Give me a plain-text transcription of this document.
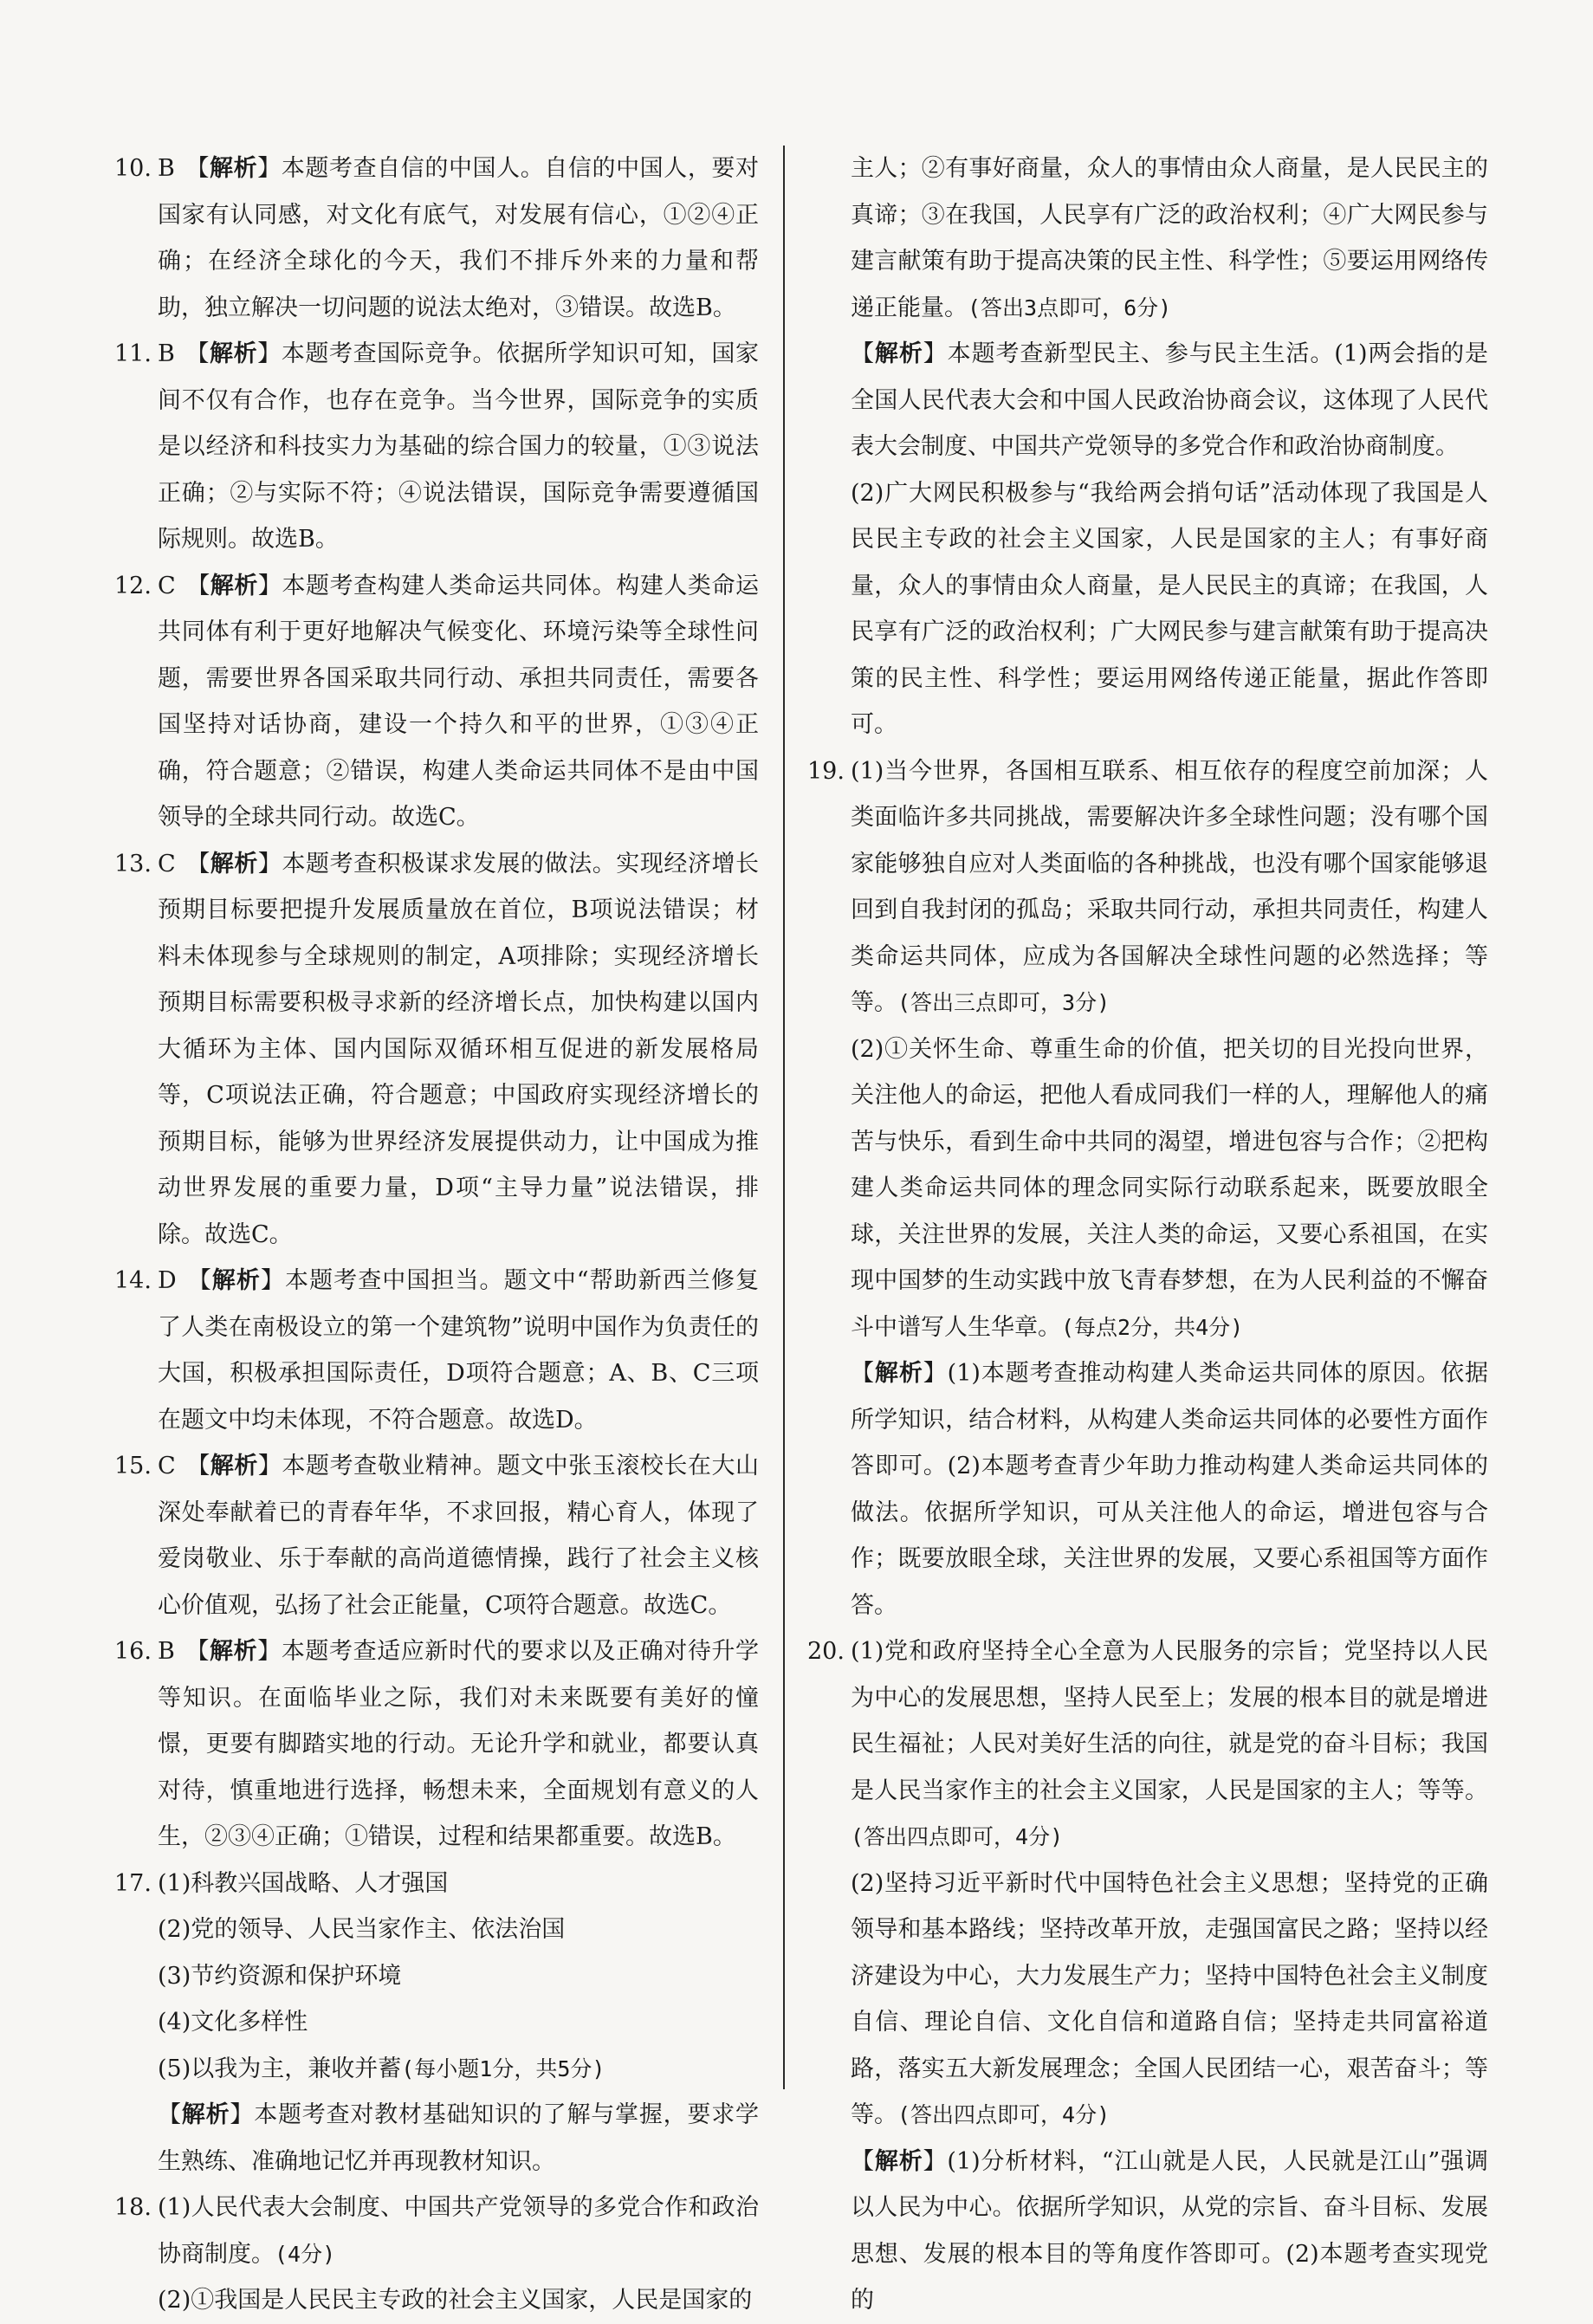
10. B 【解析】本题考查自信的中国人。自信的中国人，要对国家有认同感，对文化有底气，对发展有信心，①②④正确；在经济全球化的今天，我们不排斥外来的力量和帮助，独立解决一切问题的说法太绝对，③错误。故选B。
11. B 【解析】本题考查国际竞争。依据所学知识可知，国家间不仅有合作，也存在竞争。当今世界，国际竞争的实质是以经济和科技实力为基础的综合国力的较量，①③说法正确；②与实际不符；④说法错误，国际竞争需要遵循国际规则。故选B。
12. C 【解析】本题考查构建人类命运共同体。构建人类命运共同体有利于更好地解决气候变化、环境污染等全球性问题，需要世界各国采取共同行动、承担共同责任，需要各国坚持对话协商，建设一个持久和平的世界，①③④正确，符合题意；②错误，构建人类命运共同体不是由中国领导的全球共同行动。故选C。
13. C 【解析】本题考查积极谋求发展的做法。实现经济增长预期目标要把提升发展质量放在首位，B项说法错误；材料未体现参与全球规则的制定，A项排除；实现经济增长预期目标需要积极寻求新的经济增长点，加快构建以国内大循环为主体、国内国际双循环相互促进的新发展格局等，C项说法正确，符合题意；中国政府实现经济增长的预期目标，能够为世界经济发展提供动力，让中国成为推动世界发展的重要力量，D项“主导力量”说法错误，排除。故选C。
14. D 【解析】本题考查中国担当。题文中“帮助新西兰修复了人类在南极设立的第一个建筑物”说明中国作为负责任的大国，积极承担国际责任，D项符合题意；A、B、C三项在题文中均未体现，不符合题意。故选D。
15. C 【解析】本题考查敬业精神。题文中张玉滚校长在大山深处奉献着已的青春年华，不求回报，精心育人，体现了爱岗敬业、乐于奉献的高尚道德情操，践行了社会主义核心价值观，弘扬了社会正能量，C项符合题意。故选C。
16. B 【解析】本题考查适应新时代的要求以及正确对待升学等知识。在面临毕业之际，我们对未来既要有美好的憧憬，更要有脚踏实地的行动。无论升学和就业，都要认真对待，慎重地进行选择，畅想未来，全面规划有意义的人生，②③④正确；①错误，过程和结果都重要。故选B。
17. (1)科教兴国战略、人才强国
(2)党的领导、人民当家作主、依法治国
(3)节约资源和保护环境
(4)文化多样性
(5)以我为主，兼收并蓄(每小题1分，共5分)
【解析】本题考查对教材基础知识的了解与掌握，要求学生熟练、准确地记忆并再现教材知识。
18. (1)人民代表大会制度、中国共产党领导的多党合作和政治协商制度。(4分)
(2)①我国是人民民主专政的社会主义国家，人民是国家的
主人；②有事好商量，众人的事情由众人商量，是人民民主的真谛；③在我国，人民享有广泛的政治权利；④广大网民参与建言献策有助于提高决策的民主性、科学性；⑤要运用网络传递正能量。(答出3点即可，6分)
【解析】本题考查新型民主、参与民主生活。(1)两会指的是全国人民代表大会和中国人民政治协商会议，这体现了人民代表大会制度、中国共产党领导的多党合作和政治协商制度。
(2)广大网民积极参与“我给两会捎句话”活动体现了我国是人民民主专政的社会主义国家，人民是国家的主人；有事好商量，众人的事情由众人商量，是人民民主的真谛；在我国，人民享有广泛的政治权利；广大网民参与建言献策有助于提高决策的民主性、科学性；要运用网络传递正能量，据此作答即可。
19. (1)当今世界，各国相互联系、相互依存的程度空前加深；人类面临许多共同挑战，需要解决许多全球性问题；没有哪个国家能够独自应对人类面临的各种挑战，也没有哪个国家能够退回到自我封闭的孤岛；采取共同行动，承担共同责任，构建人类命运共同体，应成为各国解决全球性问题的必然选择；等等。(答出三点即可，3分)
(2)①关怀生命、尊重生命的价值，把关切的目光投向世界，关注他人的命运，把他人看成同我们一样的人，理解他人的痛苦与快乐，看到生命中共同的渴望，增进包容与合作；②把构建人类命运共同体的理念同实际行动联系起来，既要放眼全球，关注世界的发展，关注人类的命运，又要心系祖国，在实现中国梦的生动实践中放飞青春梦想，在为人民利益的不懈奋斗中谱写人生华章。(每点2分，共4分)
【解析】(1)本题考查推动构建人类命运共同体的原因。依据所学知识，结合材料，从构建人类命运共同体的必要性方面作答即可。(2)本题考查青少年助力推动构建人类命运共同体的做法。依据所学知识，可从关注他人的命运，增进包容与合作；既要放眼全球，关注世界的发展，又要心系祖国等方面作答。
20. (1)党和政府坚持全心全意为人民服务的宗旨；党坚持以人民为中心的发展思想，坚持人民至上；发展的根本目的就是增进民生福祉；人民对美好生活的向往，就是党的奋斗目标；我国是人民当家作主的社会主义国家，人民是国家的主人；等等。(答出四点即可，4分)
(2)坚持习近平新时代中国特色社会主义思想；坚持党的正确领导和基本路线；坚持改革开放，走强国富民之路；坚持以经济建设为中心，大力发展生产力；坚持中国特色社会主义制度自信、理论自信、文化自信和道路自信；坚持走共同富裕道路，落实五大新发展理念；全国人民团结一心，艰苦奋斗；等等。(答出四点即可，4分)
【解析】(1)分析材料，“江山就是人民，人民就是江山”强调以人民为中心。依据所学知识，从党的宗旨、奋斗目标、发展思想、发展的根本目的等角度作答即可。(2)本题考查实现党的
